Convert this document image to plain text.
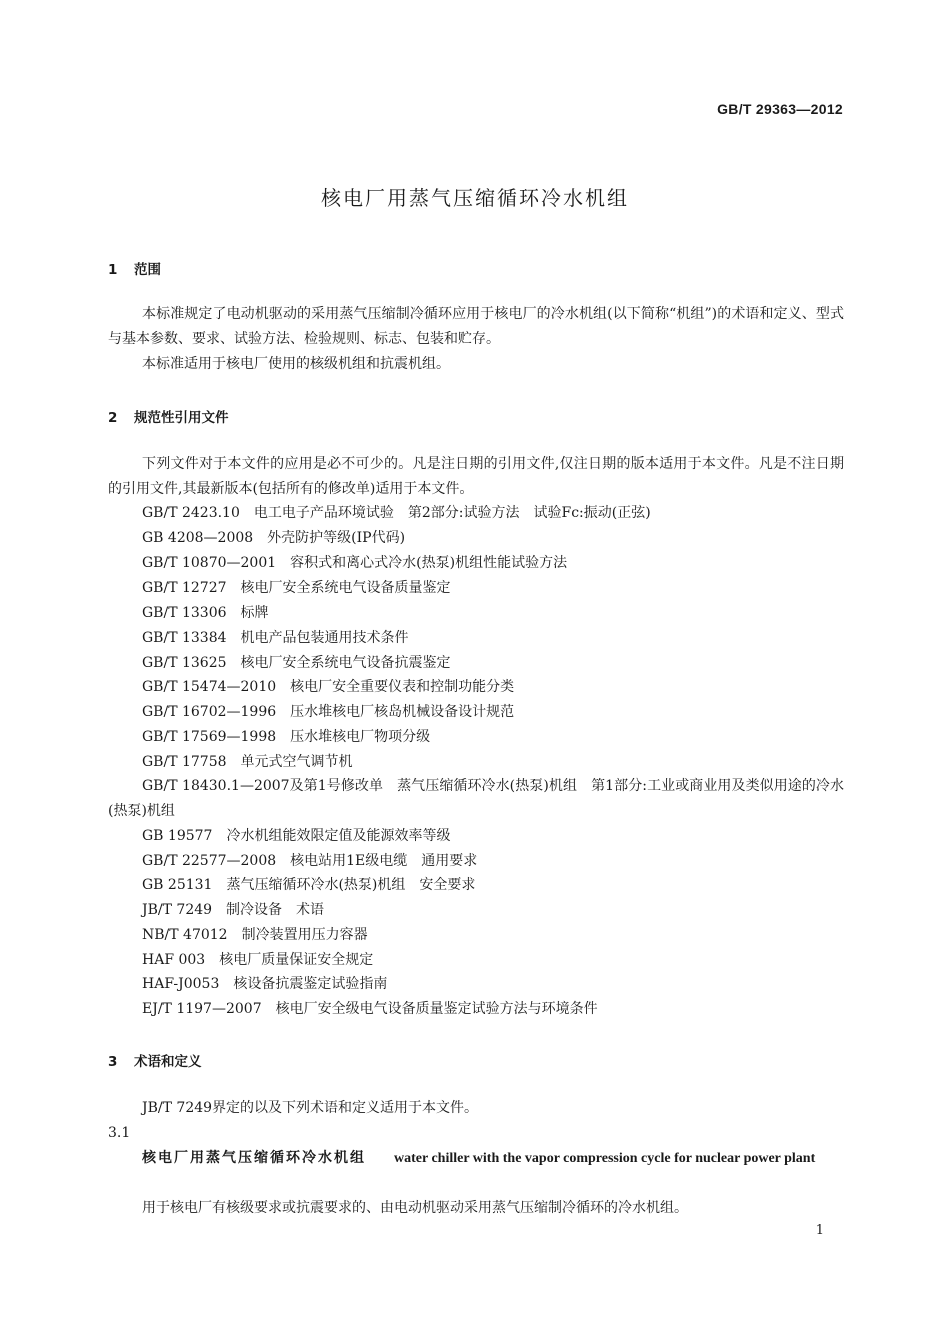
GB/T 29363—2012
核电厂用蒸气压缩循环冷水机组
1 范围
本标准规定了电动机驱动的采用蒸气压缩制冷循环应用于核电厂的冷水机组(以下简称“机组”)的术语和定义、型式与基本参数、要求、试验方法、检验规则、标志、包装和贮存。
本标准适用于核电厂使用的核级机组和抗震机组。
2 规范性引用文件
下列文件对于本文件的应用是必不可少的。凡是注日期的引用文件,仅注日期的版本适用于本文件。凡是不注日期的引用文件,其最新版本(包括所有的修改单)适用于本文件。
GB/T 2423.10　电工电子产品环境试验　第2部分:试验方法　试验Fc:振动(正弦)
GB 4208—2008　外壳防护等级(IP代码)
GB/T 10870—2001　容积式和离心式冷水(热泵)机组性能试验方法
GB/T 12727　核电厂安全系统电气设备质量鉴定
GB/T 13306　标牌
GB/T 13384　机电产品包装通用技术条件
GB/T 13625　核电厂安全系统电气设备抗震鉴定
GB/T 15474—2010　核电厂安全重要仪表和控制功能分类
GB/T 16702—1996　压水堆核电厂核岛机械设备设计规范
GB/T 17569—1998　压水堆核电厂物项分级
GB/T 17758　单元式空气调节机
GB/T 18430.1—2007及第1号修改单　蒸气压缩循环冷水(热泵)机组　第1部分:工业或商业用及类似用途的冷水(热泵)机组
GB 19577　冷水机组能效限定值及能源效率等级
GB/T 22577—2008　核电站用1E级电缆　通用要求
GB 25131　蒸气压缩循环冷水(热泵)机组　安全要求
JB/T 7249　制冷设备　术语
NB/T 47012　制冷装置用压力容器
HAF 003　核电厂质量保证安全规定
HAF-J0053　核设备抗震鉴定试验指南
EJ/T 1197—2007　核电厂安全级电气设备质量鉴定试验方法与环境条件
3 术语和定义
JB/T 7249界定的以及下列术语和定义适用于本文件。
3.1
核电厂用蒸气压缩循环冷水机组　　 water chiller with the vapor compression cycle for nuclear power plant
用于核电厂有核级要求或抗震要求的、由电动机驱动采用蒸气压缩制冷循环的冷水机组。
1
